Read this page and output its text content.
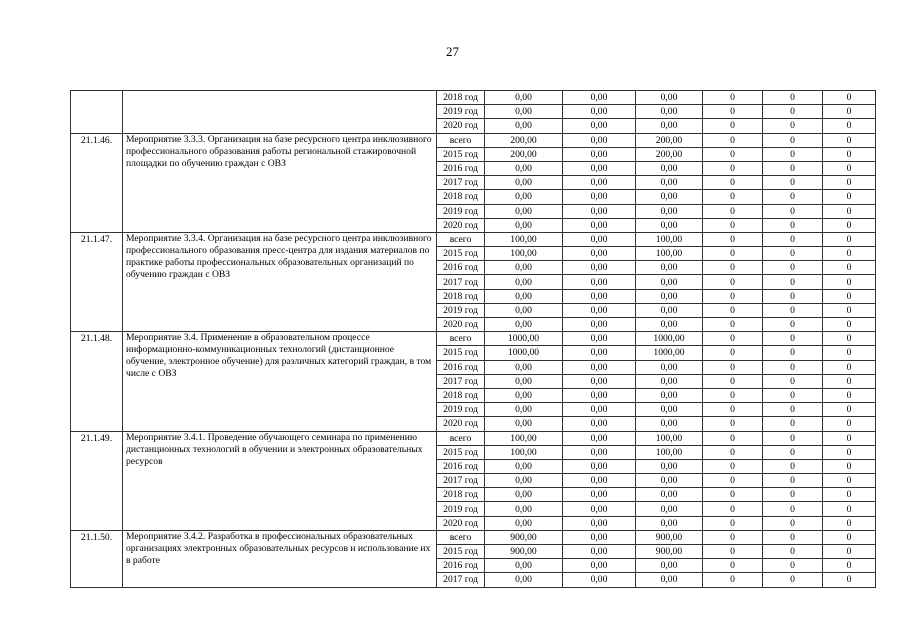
27
		2018 год	0,00	0,00	0,00	0	0	0
		2019 год	0,00	0,00	0,00	0	0	0
		2020 год	0,00	0,00	0,00	0	0	0
21.1.46.	Мероприятие 3.3.3. Организация на базе ресурсного центра инклюзивного профессионального образования работы региональной стажировочной площадки по обучению граждан с ОВЗ	всего	200,00	0,00	200,00	0	0	0
		2015 год	200,00	0,00	200,00	0	0	0
		2016 год	0,00	0,00	0,00	0	0	0
		2017 год	0,00	0,00	0,00	0	0	0
		2018 год	0,00	0,00	0,00	0	0	0
		2019 год	0,00	0,00	0,00	0	0	0
		2020 год	0,00	0,00	0,00	0	0	0
21.1.47.	Мероприятие 3.3.4. Организация на базе ресурсного центра инклюзивного профессионального образования пресс-центра для издания материалов по практике работы профессиональных образовательных организаций по обучению граждан с ОВЗ	всего	100,00	0,00	100,00	0	0	0
		2015 год	100,00	0,00	100,00	0	0	0
		2016 год	0,00	0,00	0,00	0	0	0
		2017 год	0,00	0,00	0,00	0	0	0
		2018 год	0,00	0,00	0,00	0	0	0
		2019 год	0,00	0,00	0,00	0	0	0
		2020 год	0,00	0,00	0,00	0	0	0
21.1.48.	Мероприятие 3.4. Применение в образовательном процессе информационно-коммуникационных технологий (дистанционное обучение, электронное обучение) для различных категорий граждан, в том числе с ОВЗ	всего	1000,00	0,00	1000,00	0	0	0
		2015 год	1000,00	0,00	1000,00	0	0	0
		2016 год	0,00	0,00	0,00	0	0	0
		2017 год	0,00	0,00	0,00	0	0	0
		2018 год	0,00	0,00	0,00	0	0	0
		2019 год	0,00	0,00	0,00	0	0	0
		2020 год	0,00	0,00	0,00	0	0	0
21.1.49.	Мероприятие 3.4.1. Проведение обучающего семинара по применению дистанционных технологий в обучении и электронных образовательных ресурсов	всего	100,00	0,00	100,00	0	0	0
		2015 год	100,00	0,00	100,00	0	0	0
		2016 год	0,00	0,00	0,00	0	0	0
		2017 год	0,00	0,00	0,00	0	0	0
		2018 год	0,00	0,00	0,00	0	0	0
		2019 год	0,00	0,00	0,00	0	0	0
		2020 год	0,00	0,00	0,00	0	0	0
21.1.50.	Мероприятие 3.4.2. Разработка в профессиональных образовательных организациях электронных образовательных ресурсов и использование их в работе	всего	900,00	0,00	900,00	0	0	0
		2015 год	900,00	0,00	900,00	0	0	0
		2016 год	0,00	0,00	0,00	0	0	0
		2017 год	0,00	0,00	0,00	0	0	0
